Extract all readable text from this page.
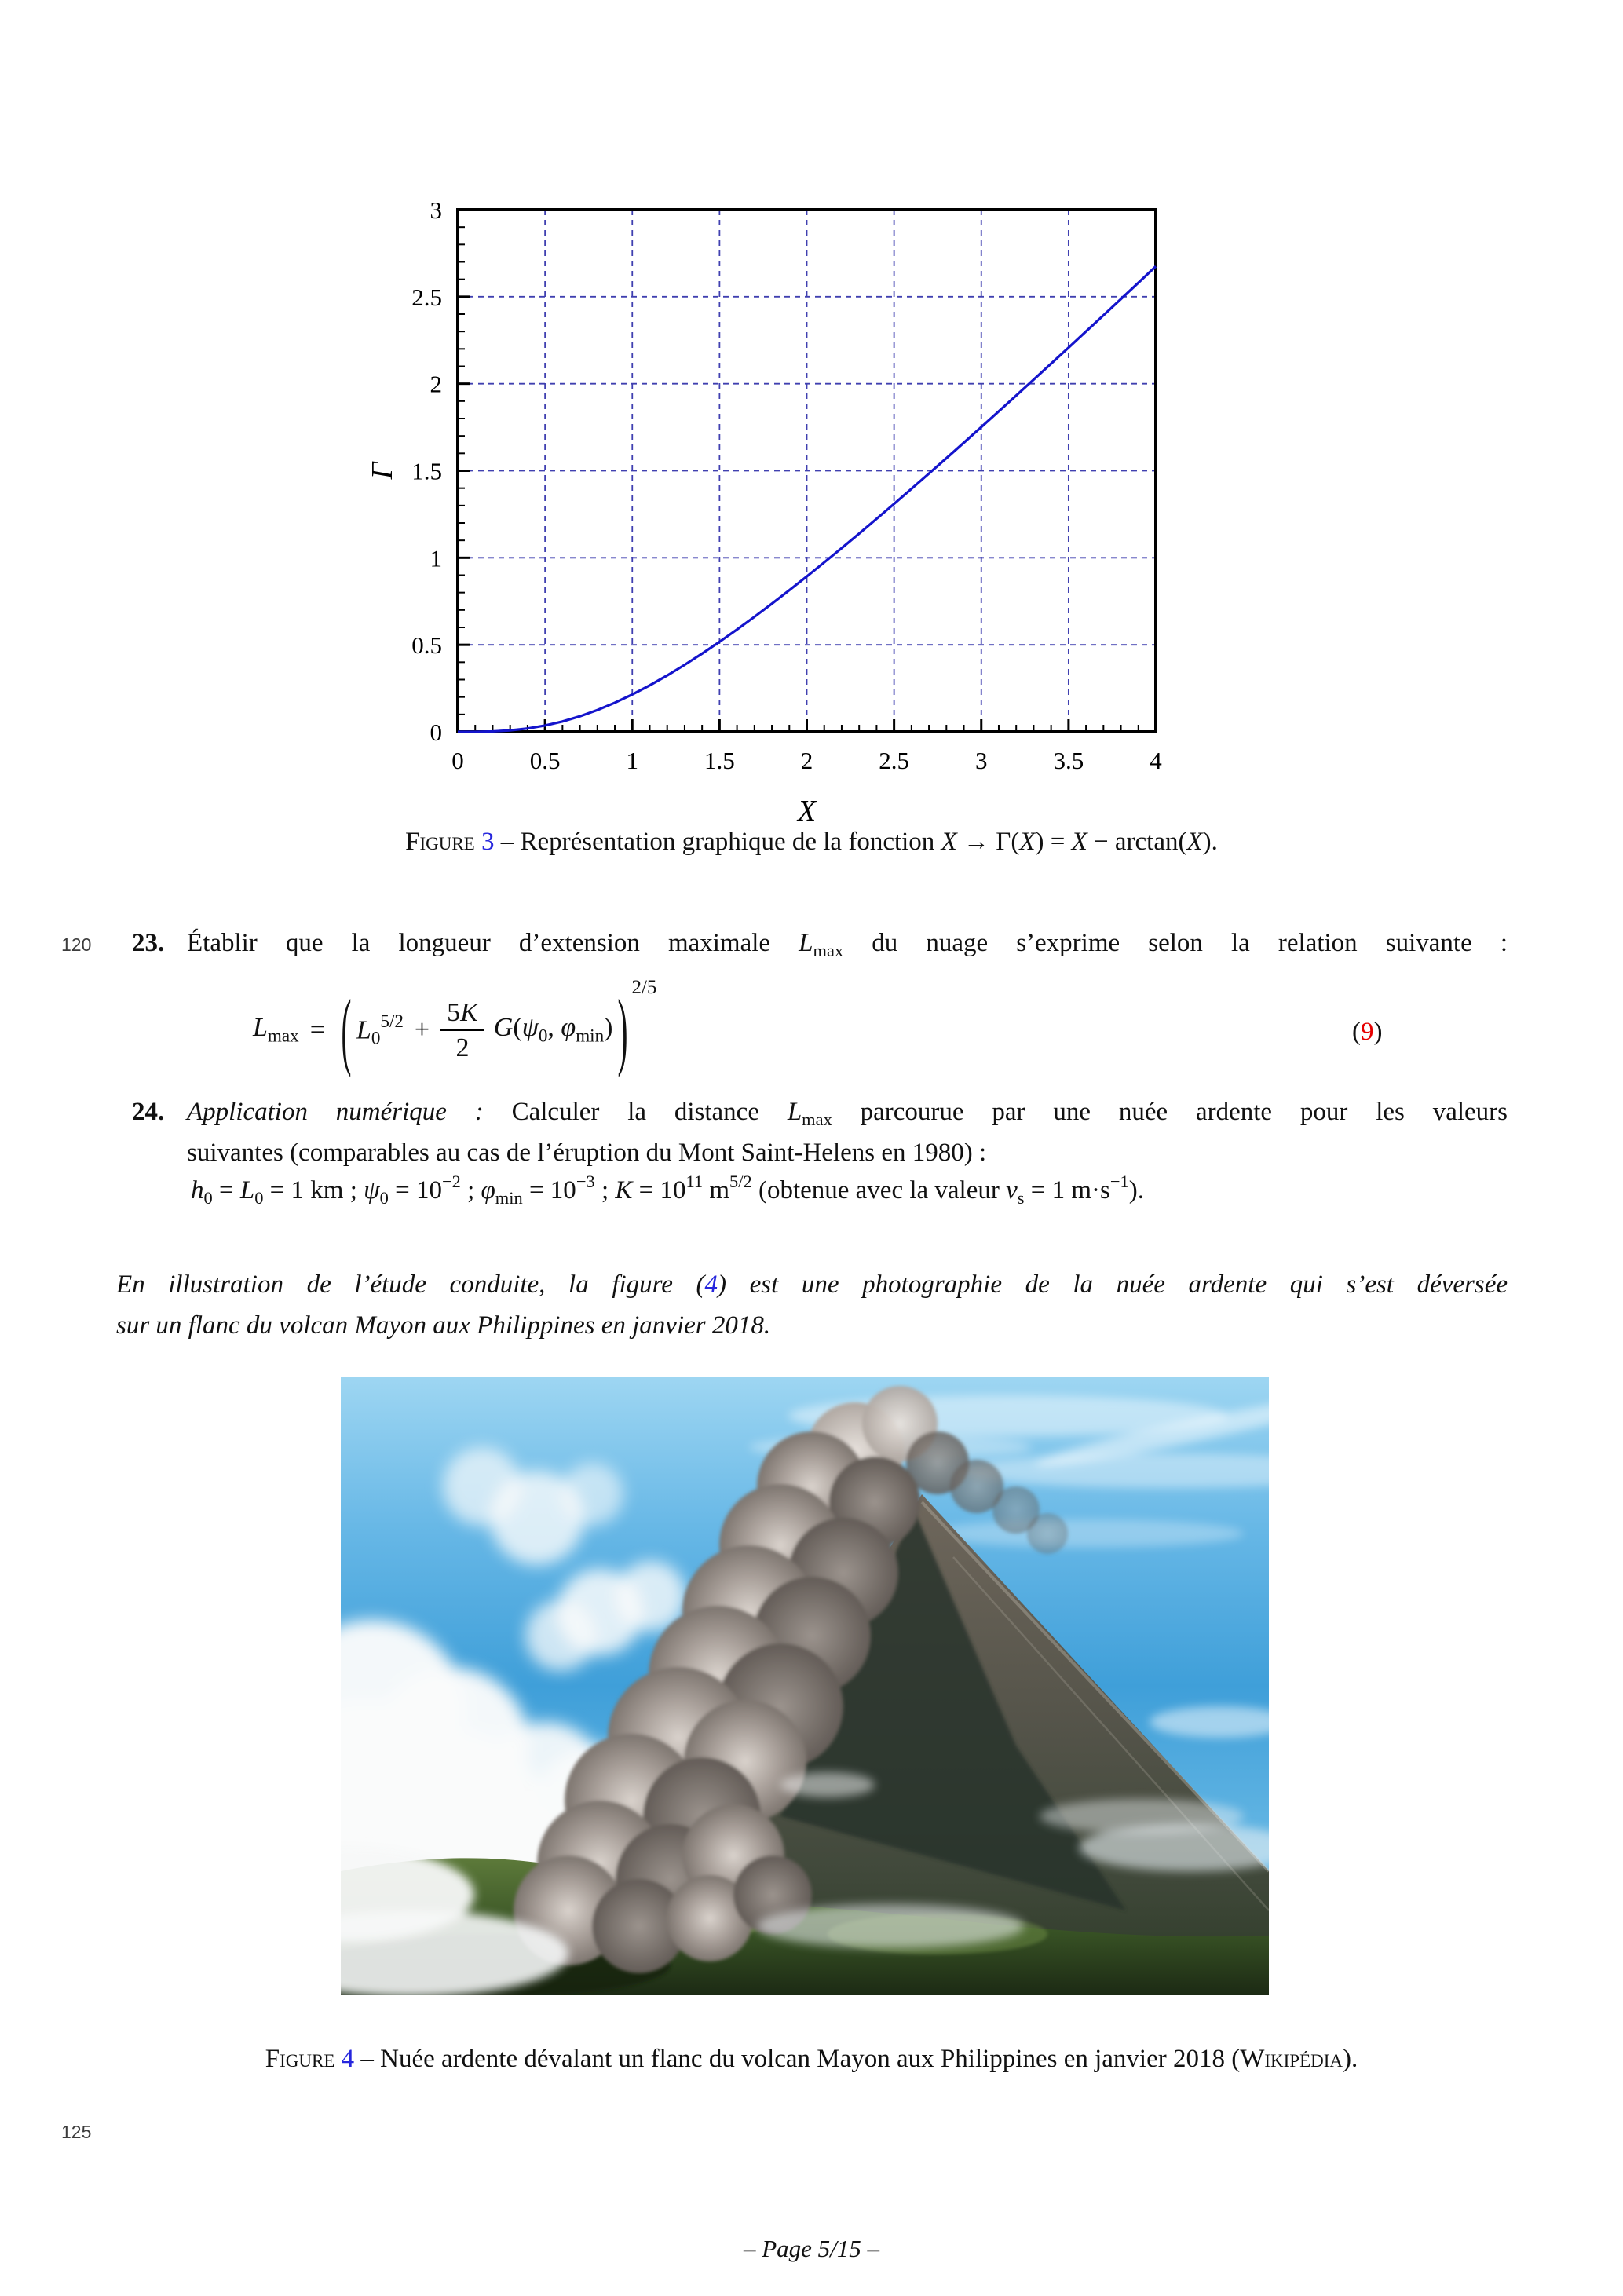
0	0.5	1	1.5	2	2.5	3	3.5	4
0
0.5
1
1.5
2
2.5
3
X
Γ
Figure 3 – Représentation graphique de la fonction X → Γ(X) = X − arctan(X).
120 23. Établir que la longueur d’extension maximale $L_{max}$ du nuage s’exprime selon la relation suivante :
$L_{max}$ = ( $L_0^{5/2} + \frac{5K}{2} G(\psi_0$, $\varphi_{min}$) ) 2/5
(9)
24. Application numérique : Calculer la distance $L_{max}$ parcourue par une nuée ardente pour les valeurs
suivantes (comparables au cas de l’éruption du Mont Saint-Helens en 1980) :
$h_0 = L_0 = 1$ km ; $\psi_0 = 10^{-2}$ ; $\varphi_{min} = 10^{-3}$ ; $K = 10^{11}$ $m^{5/2}$ (obtenue avec la valeur $v_s = 1$ $m\cdot s^{-1}$).
En illustration de l’étude conduite, la figure (4) est une photographie de la nuée ardente qui s’est déversée
sur un flanc du volcan Mayon aux Philippines en janvier 2018.
Figure 4 – Nuée ardente dévalant un flanc du volcan Mayon aux Philippines en janvier 2018 (Wikipédia).
125
– Page 5/15 –
